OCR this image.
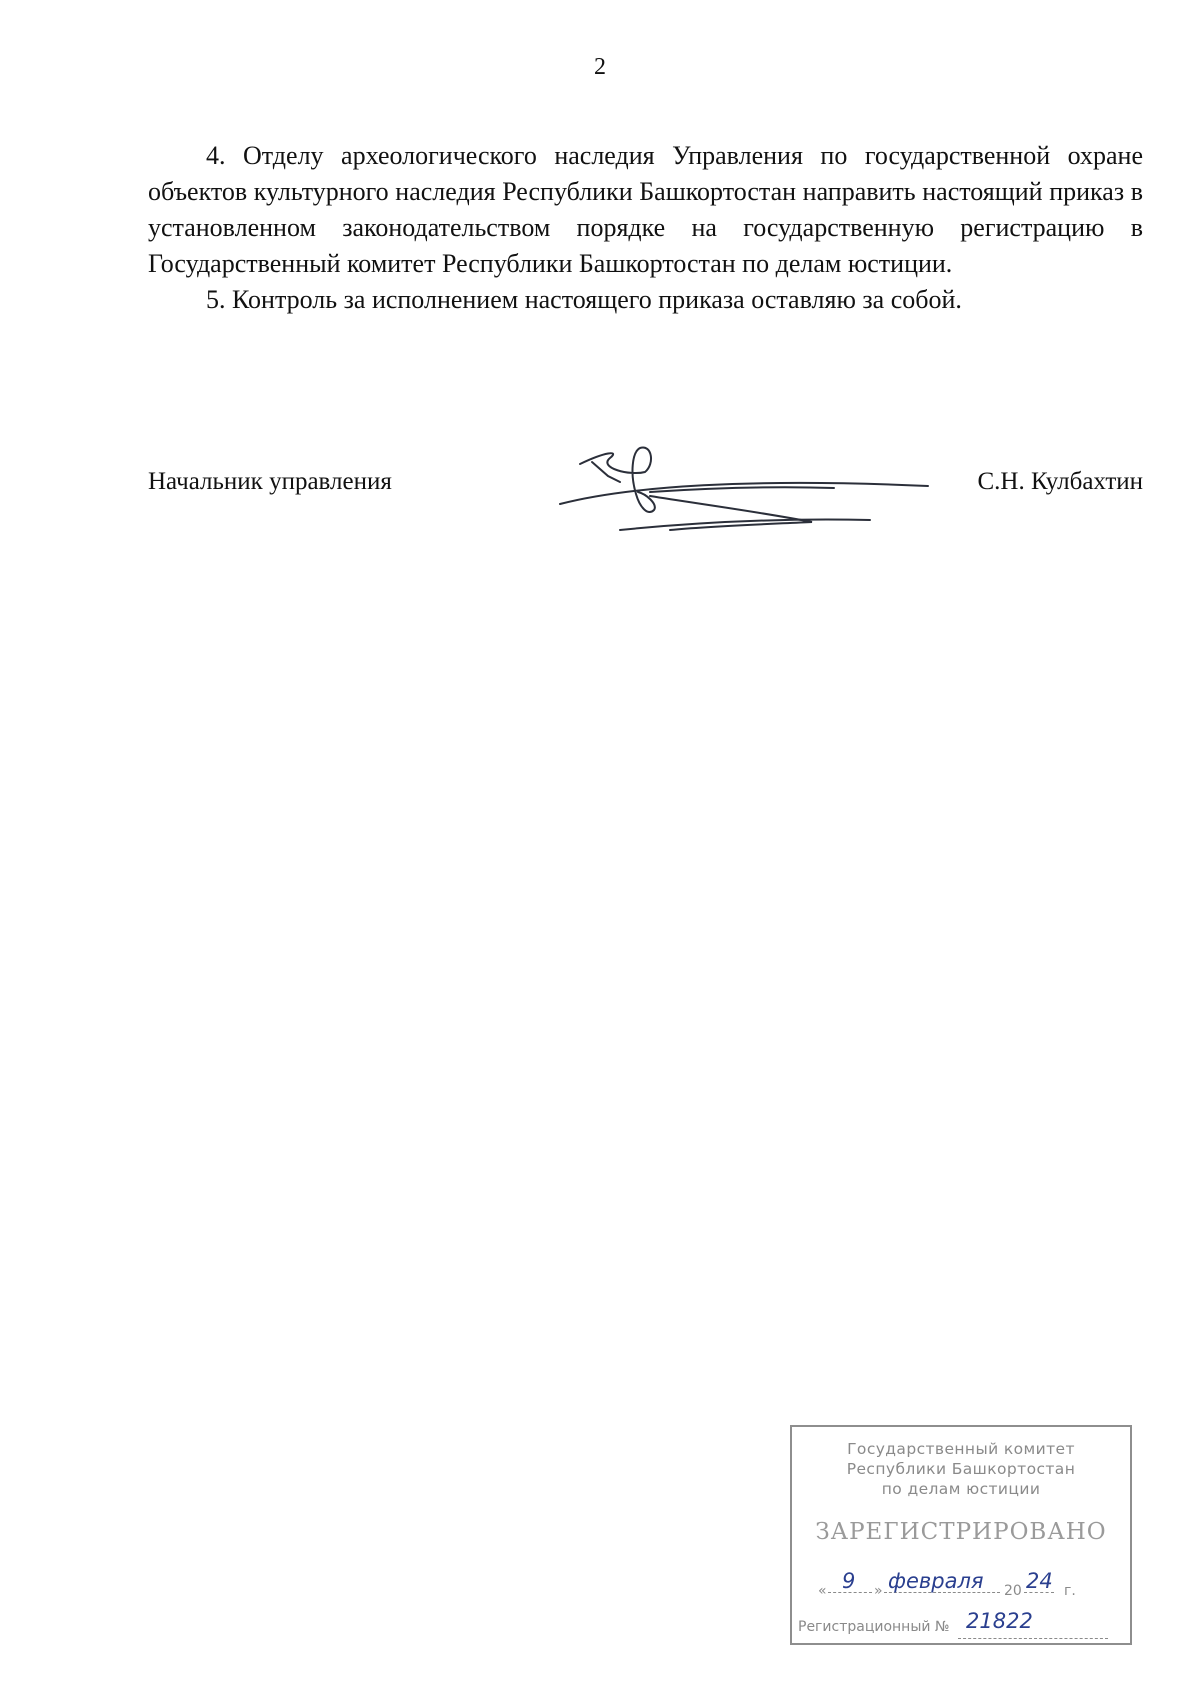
2

4. Отделу археологического наследия Управления по государственной охране объектов культурного наследия Республики Башкортостан направить настоящий приказ в установленном законодательством порядке на государственную регистрацию в Государственный комитет Республики Башкортостан по делам юстиции.

5. Контроль за исполнением настоящего приказа оставляю за собой.

Начальник управления	С.Н. Кулбахтин
Государственный комитет
Республики Башкортостан
по делам юстиции
ЗАРЕГИСТРИРОВАНО
« 9 » февраля 20 24 г.
Регистрационный № 21822
